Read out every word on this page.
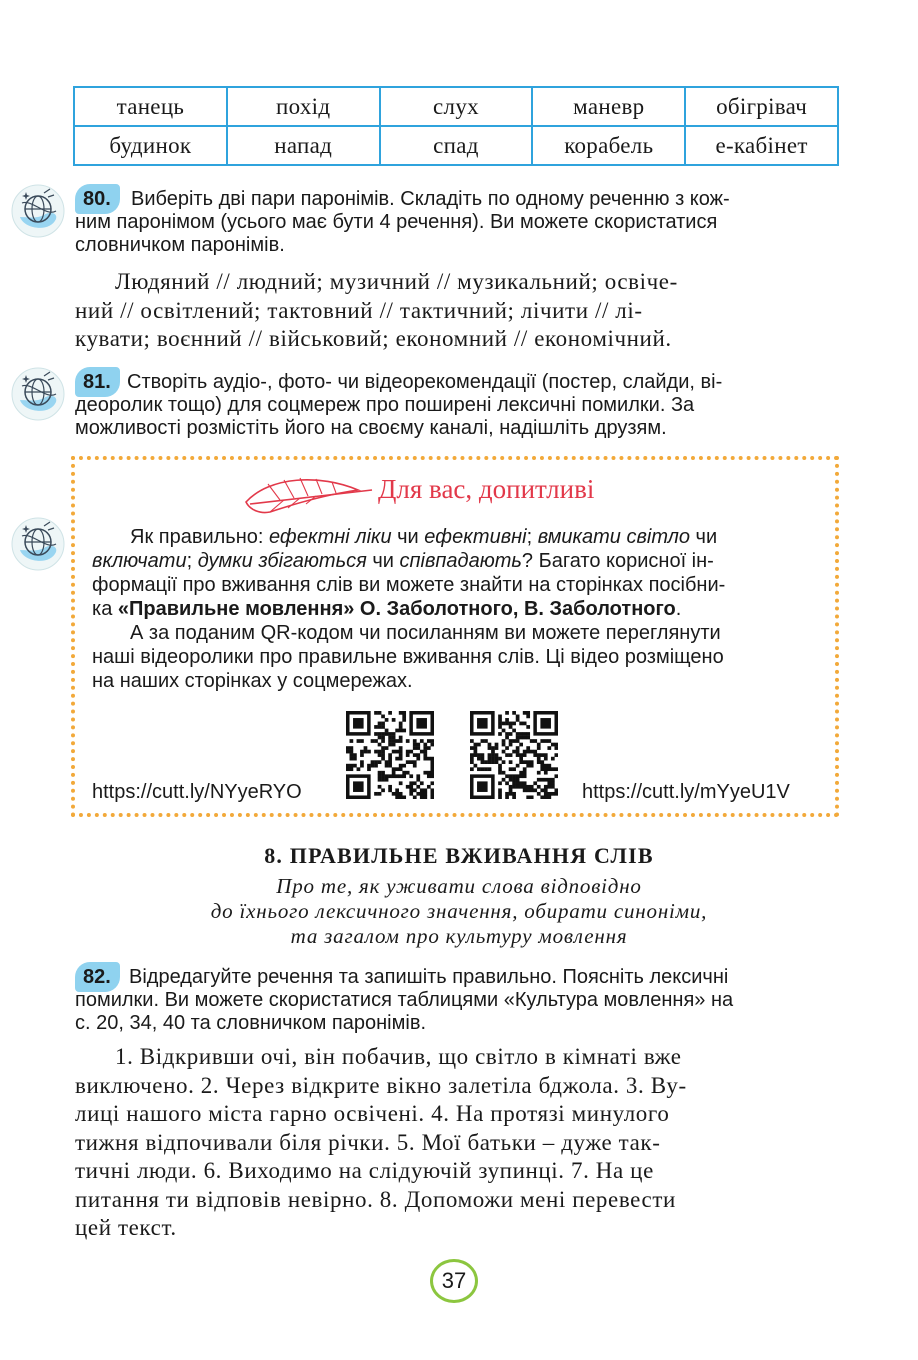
танець	похід	слух	маневр	обігрівач
будинок	напад	спад	корабель	е-кабінет
80.	Виберіть дві пари паронімів. Складіть по одному реченню з кож-
ним паронімом (усього має бути 4 речення). Ви можете скористатися
словничком паронімів.

Людяний // людний; музичний // музикальний; освіче-
ний // освітлений; тактовний // тактичний; лічити // лі-
кувати; воєнний // військовий; економний // економічний.

81. Створіть аудіо-, фото- чи відеорекомендації (постер, слайди, ві-
деоролик тощо) для соцмереж про поширені лексичні помилки. За
можливості розмістіть його на своєму каналі, надішліть друзям.

Для вас, допитливі

Як правильно: ефектні ліки чи ефективні; вмикати світло чи
включати; думки збігаються чи співпадають? Багато корисної ін-
формації про вживання слів ви можете знайти на сторінках посібни-
ка «Правильне мовлення» О. Заболотного, В. Заболотного.
А за поданим QR-кодом чи посиланням ви можете переглянути
наші відеоролики про правильне вживання слів. Ці відео розміщено
на наших сторінках у соцмережах.

https://cutt.ly/NYyeRYO	https://cutt.ly/mYyeU1V
8. ПРАВИЛЬНЕ ВЖИВАННЯ СЛІВ
Про те, як уживати слова відповідно
до їхнього лексичного значення, обирати синоніми,
та загалом про культуру мовлення
82. Відредагуйте речення та запишіть правильно. Поясніть лексичні
помилки. Ви можете скористатися таблицями «Культура мовлення» на
с. 20, 34, 40 та словничком паронімів.

1. Відкривши очі, він побачив, що світло в кімнаті вже
виключено. 2. Через відкрите вікно залетіла бджола. 3. Ву-
лиці нашого міста гарно освічені. 4. На протязі минулого
тижня відпочивали біля річки. 5. Мої батьки – дуже так-
тичні люди. 6. Виходимо на слідуючій зупинці. 7. На це
питання ти відповів невірно. 8. Допоможи мені перевести
цей текст.

37
